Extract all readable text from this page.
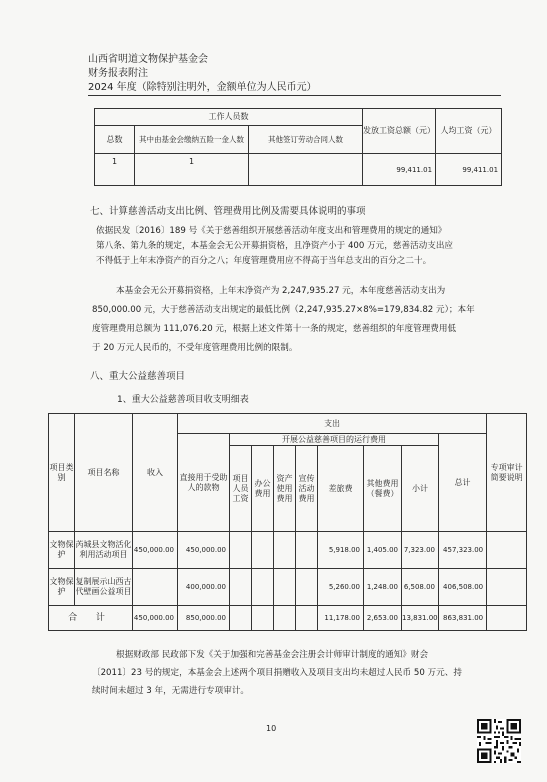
山西省明道文物保护基金会
财务报表附注
2024 年度（除特别注明外，金额单位为人民币元）
工作人员数			发放工资总额（元）	人均工资（元）
总数	其中由基金会缴纳五险一金人数	其他签订劳动合同人数		
1	1		99,411.01	99,411.01
七、计算慈善活动支出比例、管理费用比例及需要具体说明的事项
依据民发〔2016〕189 号《关于慈善组织开展慈善活动年度支出和管理费用的规定的通知》
第八条、第九条的规定，本基金会无公开募捐资格，且净资产小于 400 万元，慈善活动支出应
不得低于上年末净资产的百分之八；年度管理费用应不得高于当年总支出的百分之二十。
本基金会无公开募捐资格，上年末净资产为 2,247,935.27 元，本年度慈善活动支出为
850,000.00 元，大于慈善活动支出规定的最低比例（2,247,935.27×8%=179,834.82 元）；本年
度管理费用总额为 111,076.20 元，根据上述文件第十一条的规定，慈善组织的年度管理费用低
于 20 万元人民币的，不受年度管理费用比例的限制。
八、重大公益慈善项目
1、重大公益慈善项目收支明细表
项目类别	项目名称	收入	支出									专项审计简要说明
			直接用于受助人的款物	开展公益慈善项目的运行费用							总计	
				项目人员工资	办公费用	资产使用费用	宣传活动费用	差旅费	其他费用（餐费）	小计		
文物保护	芮城县文物活化利用活动项目	450,000.00	450,000.00					5,918.00	1,405.00	7,323.00	457,323.00	
文物保护	复制展示山西古代壁画公益项目		400,000.00					5,260.00	1,248.00	6,508.00	406,508.00	
合 计		450,000.00	850,000.00					11,178.00	2,653.00	13,831.00	863,831.00	
根据财政部 民政部下发《关于加强和完善基金会注册会计师审计制度的通知》财会
〔2011〕23 号的规定，本基金会上述两个项目捐赠收入及项目支出均未超过人民币 50 万元、持
续时间未超过 3 年，无需进行专项审计。
10
